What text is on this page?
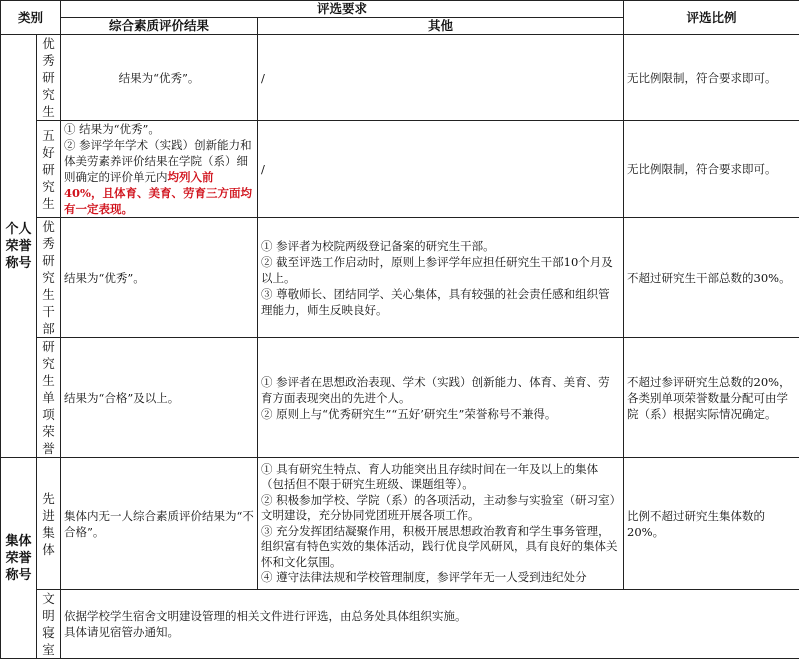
类别		评选要求		评选比例
		综合素质评价结果	其他	

个人荣誉称号	优秀研究生	结果为“优秀”。	/	无比例限制，符合要求即可。

	五好研究生	① 结果为“优秀”。
② 参评学年学术（实践）创新能力和体美劳素养评价结果在学院（系）细则确定的评价单元内均列入前 40%，且体育、美育、劳育三方面均有一定表现。	/	无比例限制，符合要求即可。

	优秀研究生干部	结果为“优秀”。	① 参评者为校院两级登记备案的研究生干部。
② 截至评选工作启动时，原则上参评学年应担任研究生干部10个月及以上。
③ 尊敬师长、团结同学、关心集体，具有较强的社会责任感和组织管理能力，师生反映良好。	不超过研究生干部总数的30%。

	研究生单项荣誉	结果为“合格”及以上。	① 参评者在思想政治表现、学术（实践）创新能力、体育、美育、劳育方面表现突出的先进个人。
② 原则上与“优秀研究生”“五好’研究生”荣誉称号不兼得。	不超过参评研究生总数的20%，各类别单项荣誉数量分配可由学院（系）根据实际情况确定。

集体荣誉称号	先进集体	集体内无一人综合素质评价结果为“不合格”。	① 具有研究生特点、育人功能突出且存续时间在一年及以上的集体（包括但不限于研究生班级、课题组等）。
② 积极参加学校、学院（系）的各项活动，主动参与实验室（研习室）文明建设，充分协同党团班开展各项工作。
③ 充分发挥团结凝聚作用，积极开展思想政治教育和学生事务管理，组织富有特色实效的集体活动，践行优良学风研风，具有良好的集体关怀和文化氛围。
④ 遵守法律法规和学校管理制度，参评学年无一人受到违纪处分	比例不超过研究生集体数的20%。

	文明寝室	依据学校学生宿舍文明建设管理的相关文件进行评选，由总务处具体组织实施。
具体请见宿管办通知。		
